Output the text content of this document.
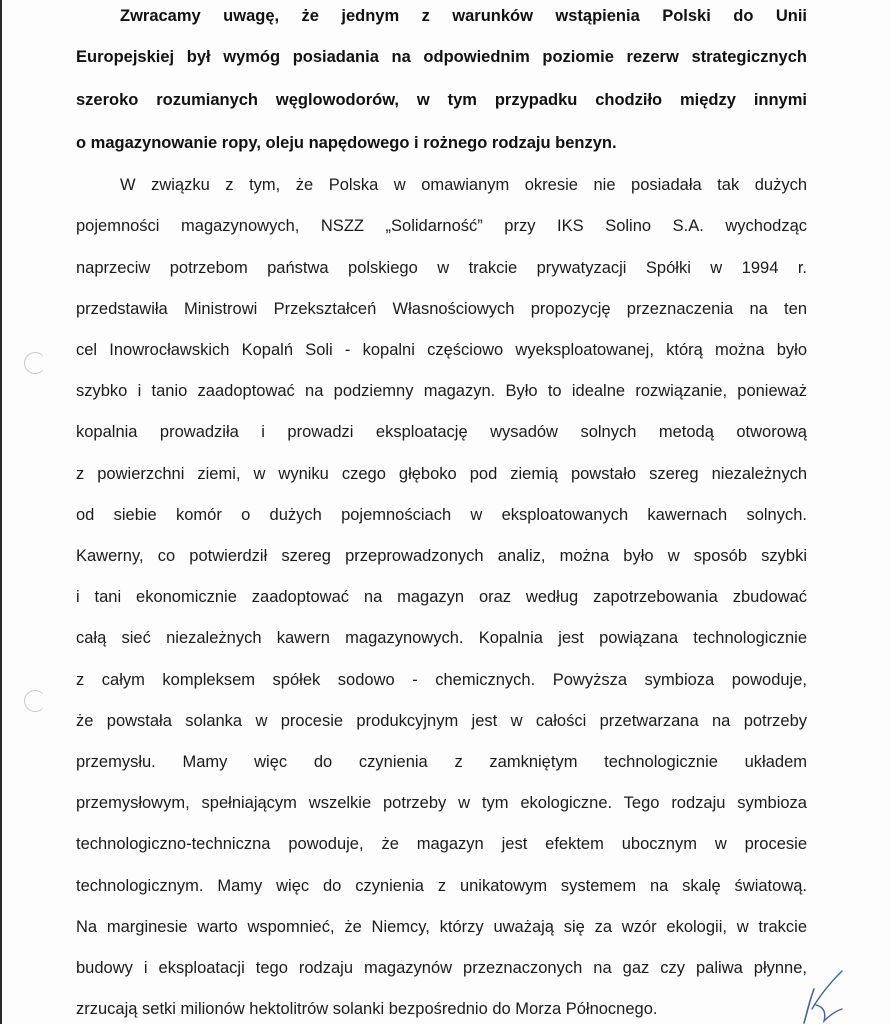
Zwracamy uwagę, że jednym z warunków wstąpienia Polski do Unii
Europejskiej był wymóg posiadania na odpowiednim poziomie rezerw strategicznych
szeroko rozumianych węglowodorów, w tym przypadku chodziło między innymi
o magazynowanie ropy, oleju napędowego i rożnego rodzaju benzyn.
W związku z tym, że Polska w omawianym okresie nie posiadała tak dużych
pojemności magazynowych, NSZZ „Solidarność” przy IKS Solino S.A. wychodząc
naprzeciw potrzebom państwa polskiego w trakcie prywatyzacji Spółki w 1994 r.
przedstawiła Ministrowi Przekształceń Własnościowych propozycję przeznaczenia na ten
cel Inowrocławskich Kopalń Soli - kopalni częściowo wyeksploatowanej, którą można było
szybko i tanio zaadoptować na podziemny magazyn. Było to idealne rozwiązanie, ponieważ
kopalnia prowadziła i prowadzi eksploatację wysadów solnych metodą otworową
z powierzchni ziemi, w wyniku czego głęboko pod ziemią powstało szereg niezależnych
od siebie komór o dużych pojemnościach w eksploatowanych kawernach solnych.
Kawerny, co potwierdził szereg przeprowadzonych analiz, można było w sposób szybki
i tani ekonomicznie zaadoptować na magazyn oraz według zapotrzebowania zbudować
całą sieć niezależnych kawern magazynowych. Kopalnia jest powiązana technologicznie
z całym kompleksem spółek sodowo - chemicznych. Powyższa symbioza powoduje,
że powstała solanka w procesie produkcyjnym jest w całości przetwarzana na potrzeby
przemysłu. Mamy więc do czynienia z zamkniętym technologicznie układem
przemysłowym, spełniającym wszelkie potrzeby w tym ekologiczne. Tego rodzaju symbioza
technologiczno-techniczna powoduje, że magazyn jest efektem ubocznym w procesie
technologicznym. Mamy więc do czynienia z unikatowym systemem na skalę światową.
Na marginesie warto wspomnieć, że Niemcy, którzy uważają się za wzór ekologii, w trakcie
budowy i eksploatacji tego rodzaju magazynów przeznaczonych na gaz czy paliwa płynne,
zrzucają setki milionów hektolitrów solanki bezpośrednio do Morza Północnego.
